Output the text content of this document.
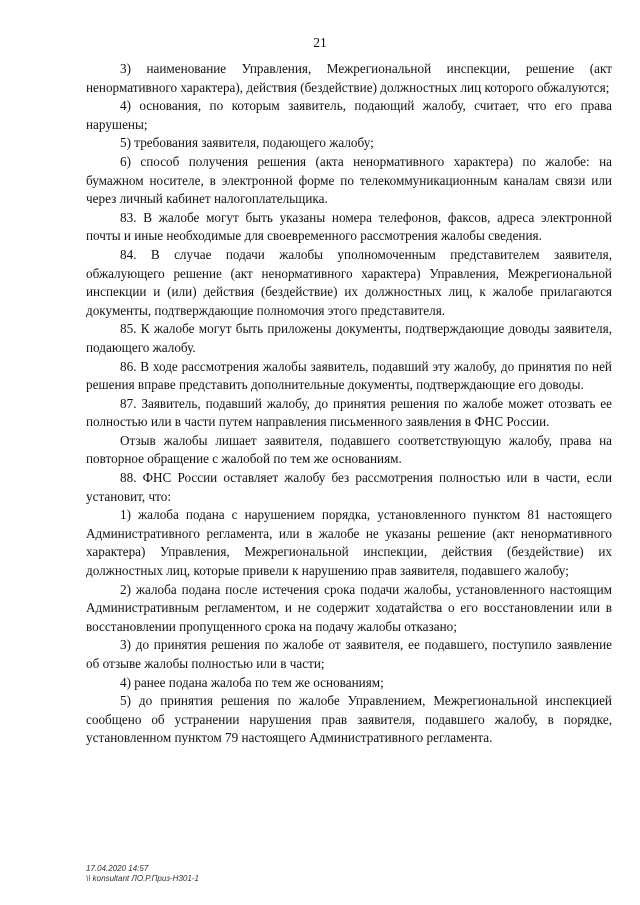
21

3) наименование Управления, Межрегиональной инспекции, решение (акт ненормативного характера), действия (бездействие) должностных лиц которого обжалуются;

4) основания, по которым заявитель, подающий жалобу, считает, что его права нарушены;

5) требования заявителя, подающего жалобу;

6) способ получения решения (акта ненормативного характера) по жалобе: на бумажном носителе, в электронной форме по телекоммуникационным каналам связи или через личный кабинет налогоплательщика.

83. В жалобе могут быть указаны номера телефонов, факсов, адреса электронной почты и иные необходимые для своевременного рассмотрения жалобы сведения.

84. В случае подачи жалобы уполномоченным представителем заявителя, обжалующего решение (акт ненормативного характера) Управления, Межрегиональной инспекции и (или) действия (бездействие) их должностных лиц, к жалобе прилагаются документы, подтверждающие полномочия этого представителя.

85. К жалобе могут быть приложены документы, подтверждающие доводы заявителя, подающего жалобу.

86. В ходе рассмотрения жалобы заявитель, подавший эту жалобу, до принятия по ней решения вправе представить дополнительные документы, подтверждающие его доводы.

87. Заявитель, подавший жалобу, до принятия решения по жалобе может отозвать ее полностью или в части путем направления письменного заявления в ФНС России.

Отзыв жалобы лишает заявителя, подавшего соответствующую жалобу, права на повторное обращение с жалобой по тем же основаниям.

88. ФНС России оставляет жалобу без рассмотрения полностью или в части, если установит, что:

1) жалоба подана с нарушением порядка, установленного пунктом 81 настоящего Административного регламента, или в жалобе не указаны решение (акт ненормативного характера) Управления, Межрегиональной инспекции, действия (бездействие) их должностных лиц, которые привели к нарушению прав заявителя, подавшего жалобу;

2) жалоба подана после истечения срока подачи жалобы, установленного настоящим Административным регламентом, и не содержит ходатайства о его восстановлении или в восстановлении пропущенного срока на подачу жалобы отказано;

3) до принятия решения по жалобе от заявителя, ее подавшего, поступило заявление об отзыве жалобы полностью или в части;

4) ранее подана жалоба по тем же основаниям;

5) до принятия решения по жалобе Управлением, Межрегиональной инспекцией сообщено об устранении нарушения прав заявителя, подавшего жалобу, в порядке, установленном пунктом 79 настоящего Административного регламента.

17.04.2020 14:57
\\ konsultant ЛО.Р.Приз-Н301-1
